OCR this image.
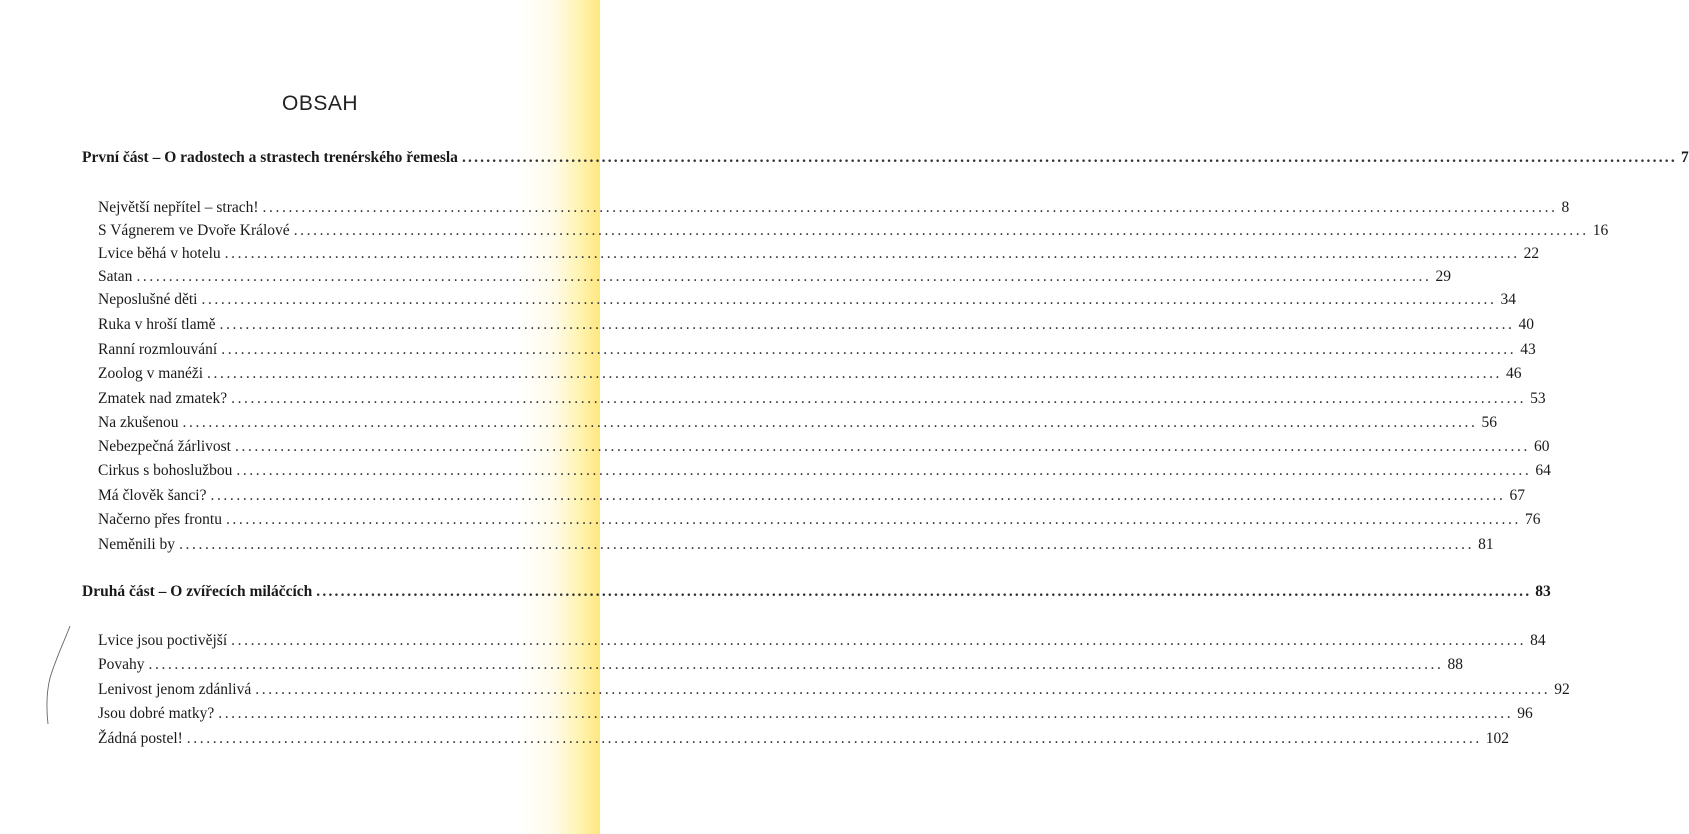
OBSAH
První část – O radostech a strastech trenérského řemesla ........................................................................................................................................................................................................ 7
Největší nepřítel – strach! ........................................................................................................................................................................................................ 8
S Vágnerem ve Dvoře Králové ........................................................................................................................................................................................................ 16
Lvice běhá v hotelu ........................................................................................................................................................................................................ 22
Satan ........................................................................................................................................................................................................ 29
Neposlušné děti ........................................................................................................................................................................................................ 34
Ruka v hroší tlamě ........................................................................................................................................................................................................ 40
Ranní rozmlouvání ........................................................................................................................................................................................................ 43
Zoolog v manéži ........................................................................................................................................................................................................ 46
Zmatek nad zmatek? ........................................................................................................................................................................................................ 53
Na zkušenou ........................................................................................................................................................................................................ 56
Nebezpečná žárlivost ........................................................................................................................................................................................................ 60
Cirkus s bohoslužbou ........................................................................................................................................................................................................ 64
Má člověk šanci? ........................................................................................................................................................................................................ 67
Načerno přes frontu ........................................................................................................................................................................................................ 76
Neměnili by ........................................................................................................................................................................................................ 81
Druhá část – O zvířecích miláčcích ........................................................................................................................................................................................................ 83
Lvice jsou poctivější ........................................................................................................................................................................................................ 84
Povahy ........................................................................................................................................................................................................ 88
Lenivost jenom zdánlivá ........................................................................................................................................................................................................ 92
Jsou dobré matky? ........................................................................................................................................................................................................ 96
Žádná postel! ........................................................................................................................................................................................................ 102
